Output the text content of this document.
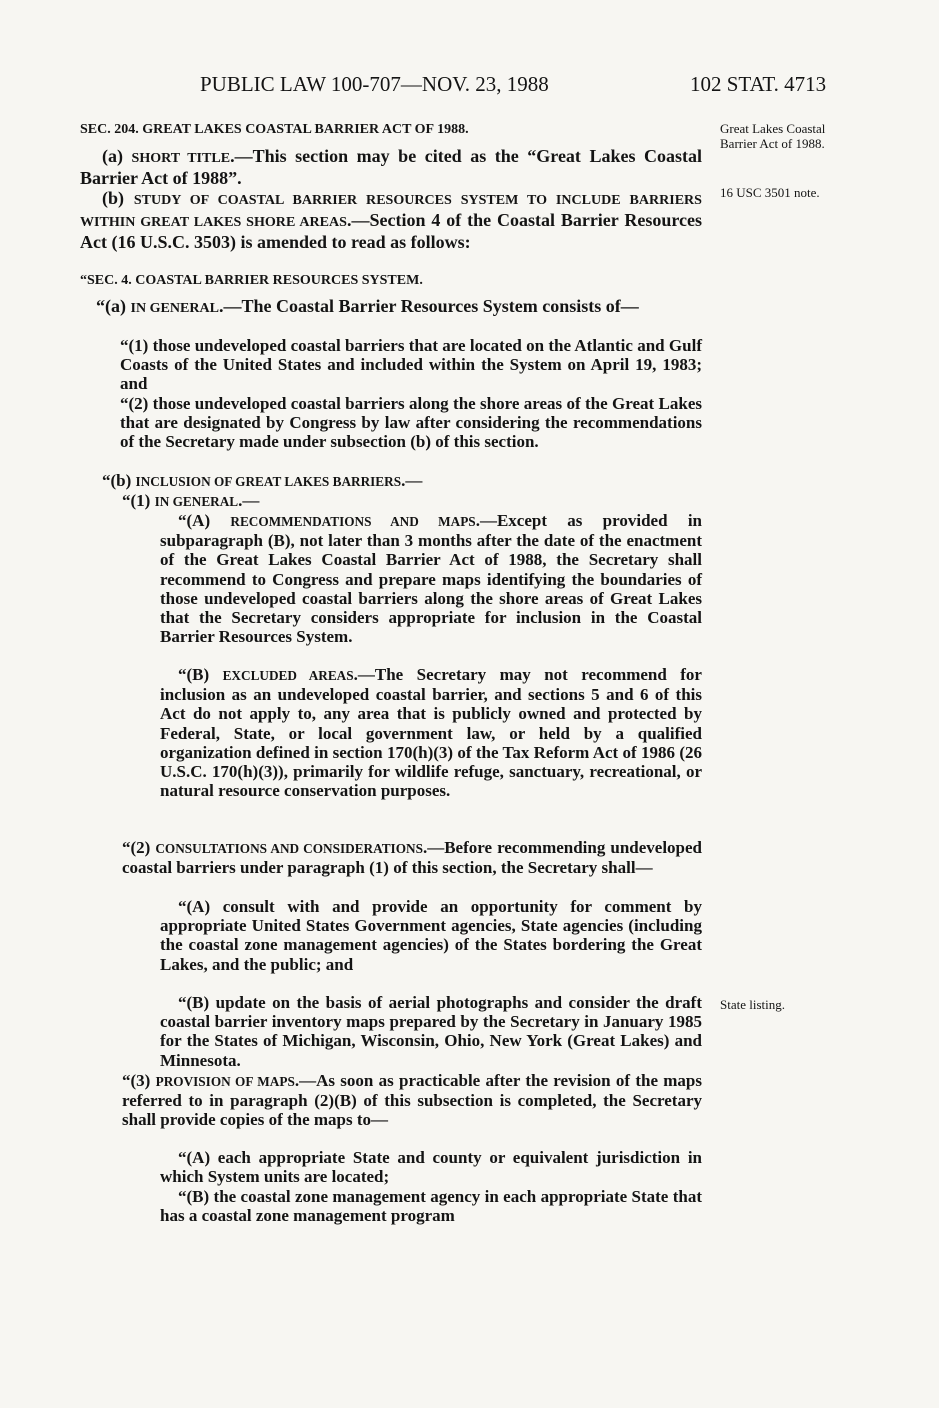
PUBLIC LAW 100-707—NOV. 23, 1988	102 STAT. 4713
Great Lakes Coastal Barrier Act of 1988.
16 USC 3501 note.
State listing.
SEC. 204. GREAT LAKES COASTAL BARRIER ACT OF 1988.
(a) SHORT TITLE.—This section may be cited as the “Great Lakes Coastal Barrier Act of 1988”.
(b) STUDY OF COASTAL BARRIER RESOURCES SYSTEM TO INCLUDE BARRIERS WITHIN GREAT LAKES SHORE AREAS.—Section 4 of the Coastal Barrier Resources Act (16 U.S.C. 3503) is amended to read as follows:
“SEC. 4. COASTAL BARRIER RESOURCES SYSTEM.
“(a) IN GENERAL.—The Coastal Barrier Resources System consists of—
“(1) those undeveloped coastal barriers that are located on the Atlantic and Gulf Coasts of the United States and included within the System on April 19, 1983; and
“(2) those undeveloped coastal barriers along the shore areas of the Great Lakes that are designated by Congress by law after considering the recommendations of the Secretary made under subsection (b) of this section.
“(b) INCLUSION OF GREAT LAKES BARRIERS.—
“(1) IN GENERAL.—
“(A) RECOMMENDATIONS AND MAPS.—Except as provided in subparagraph (B), not later than 3 months after the date of the enactment of the Great Lakes Coastal Barrier Act of 1988, the Secretary shall recommend to Congress and prepare maps identifying the boundaries of those undeveloped coastal barriers along the shore areas of Great Lakes that the Secretary considers appropriate for inclusion in the Coastal Barrier Resources System.
“(B) EXCLUDED AREAS.—The Secretary may not recommend for inclusion as an undeveloped coastal barrier, and sections 5 and 6 of this Act do not apply to, any area that is publicly owned and protected by Federal, State, or local government law, or held by a qualified organization defined in section 170(h)(3) of the Tax Reform Act of 1986 (26 U.S.C. 170(h)(3)), primarily for wildlife refuge, sanctuary, recreational, or natural resource conservation purposes.
“(2) CONSULTATIONS AND CONSIDERATIONS.—Before recommending undeveloped coastal barriers under paragraph (1) of this section, the Secretary shall—
“(A) consult with and provide an opportunity for comment by appropriate United States Government agencies, State agencies (including the coastal zone management agencies) of the States bordering the Great Lakes, and the public; and
“(B) update on the basis of aerial photographs and consider the draft coastal barrier inventory maps prepared by the Secretary in January 1985 for the States of Michigan, Wisconsin, Ohio, New York (Great Lakes) and Minnesota.
“(3) PROVISION OF MAPS.—As soon as practicable after the revision of the maps referred to in paragraph (2)(B) of this subsection is completed, the Secretary shall provide copies of the maps to—
“(A) each appropriate State and county or equivalent jurisdiction in which System units are located;
“(B) the coastal zone management agency in each appropriate State that has a coastal zone management program
